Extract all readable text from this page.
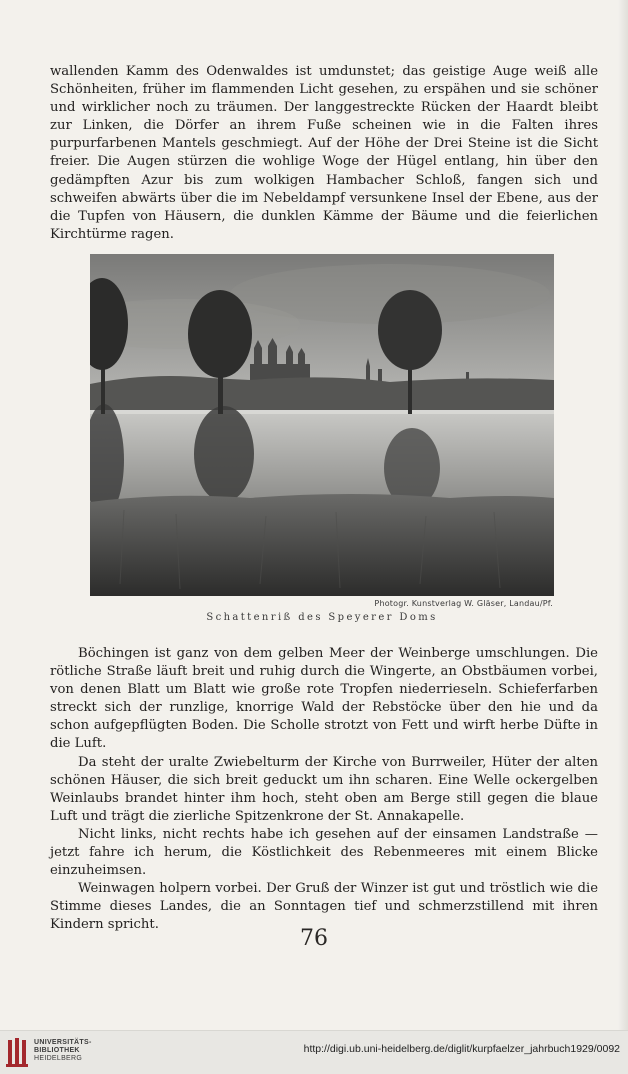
wallenden Kamm des Odenwaldes ist umdunstet; das geistige Auge weiß alle Schönheiten, früher im flammenden Licht gesehen, zu erspähen und sie schöner und wirklicher noch zu träumen. Der langgestreckte Rücken der Haardt bleibt zur Linken, die Dörfer an ihrem Fuße scheinen wie in die Falten ihres purpurfarbenen Mantels geschmiegt. Auf der Höhe der Drei Steine ist die Sicht freier. Die Augen stürzen die wohlige Woge der Hügel entlang, hin über den gedämpften Azur bis zum wolkigen Hambacher Schloß, fangen sich und schweifen abwärts über die im Nebeldampf versunkene Insel der Ebene, aus der die Tupfen von Häusern, die dunklen Kämme der Bäume und die feierlichen Kirchtürme ragen.

Photogr. Kunstverlag W. Gläser, Landau/Pf.
Schattenriß des Speyerer Doms

Böchingen ist ganz von dem gelben Meer der Weinberge umschlungen. Die rötliche Straße läuft breit und ruhig durch die Wingerte, an Obstbäumen vorbei, von denen Blatt um Blatt wie große rote Tropfen niederrieseln. Schieferfarben streckt sich der runzlige, knorrige Wald der Rebstöcke über den hie und da schon aufgepflügten Boden. Die Scholle strotzt von Fett und wirft herbe Düfte in die Luft.

Da steht der uralte Zwiebelturm der Kirche von Burrweiler, Hüter der alten schönen Häuser, die sich breit geduckt um ihn scharen. Eine Welle ockergelben Weinlaubs brandet hinter ihm hoch, steht oben am Berge still gegen die blaue Luft und trägt die zierliche Spitzenkrone der St. Annakapelle.

Nicht links, nicht rechts habe ich gesehen auf der einsamen Landstraße — jetzt fahre ich herum, die Köstlichkeit des Rebenmeeres mit einem Blicke einzuheimsen.

Weinwagen holpern vorbei. Der Gruß der Winzer ist gut und tröstlich wie die Stimme dieses Landes, die an Sonntagen tief und schmerzstillend mit ihren Kindern spricht.

76
UNIVERSITÄTS-
BIBLIOTHEK
HEIDELBERG
http://digi.ub.uni-heidelberg.de/diglit/kurpfaelzer_jahrbuch1929/0092
